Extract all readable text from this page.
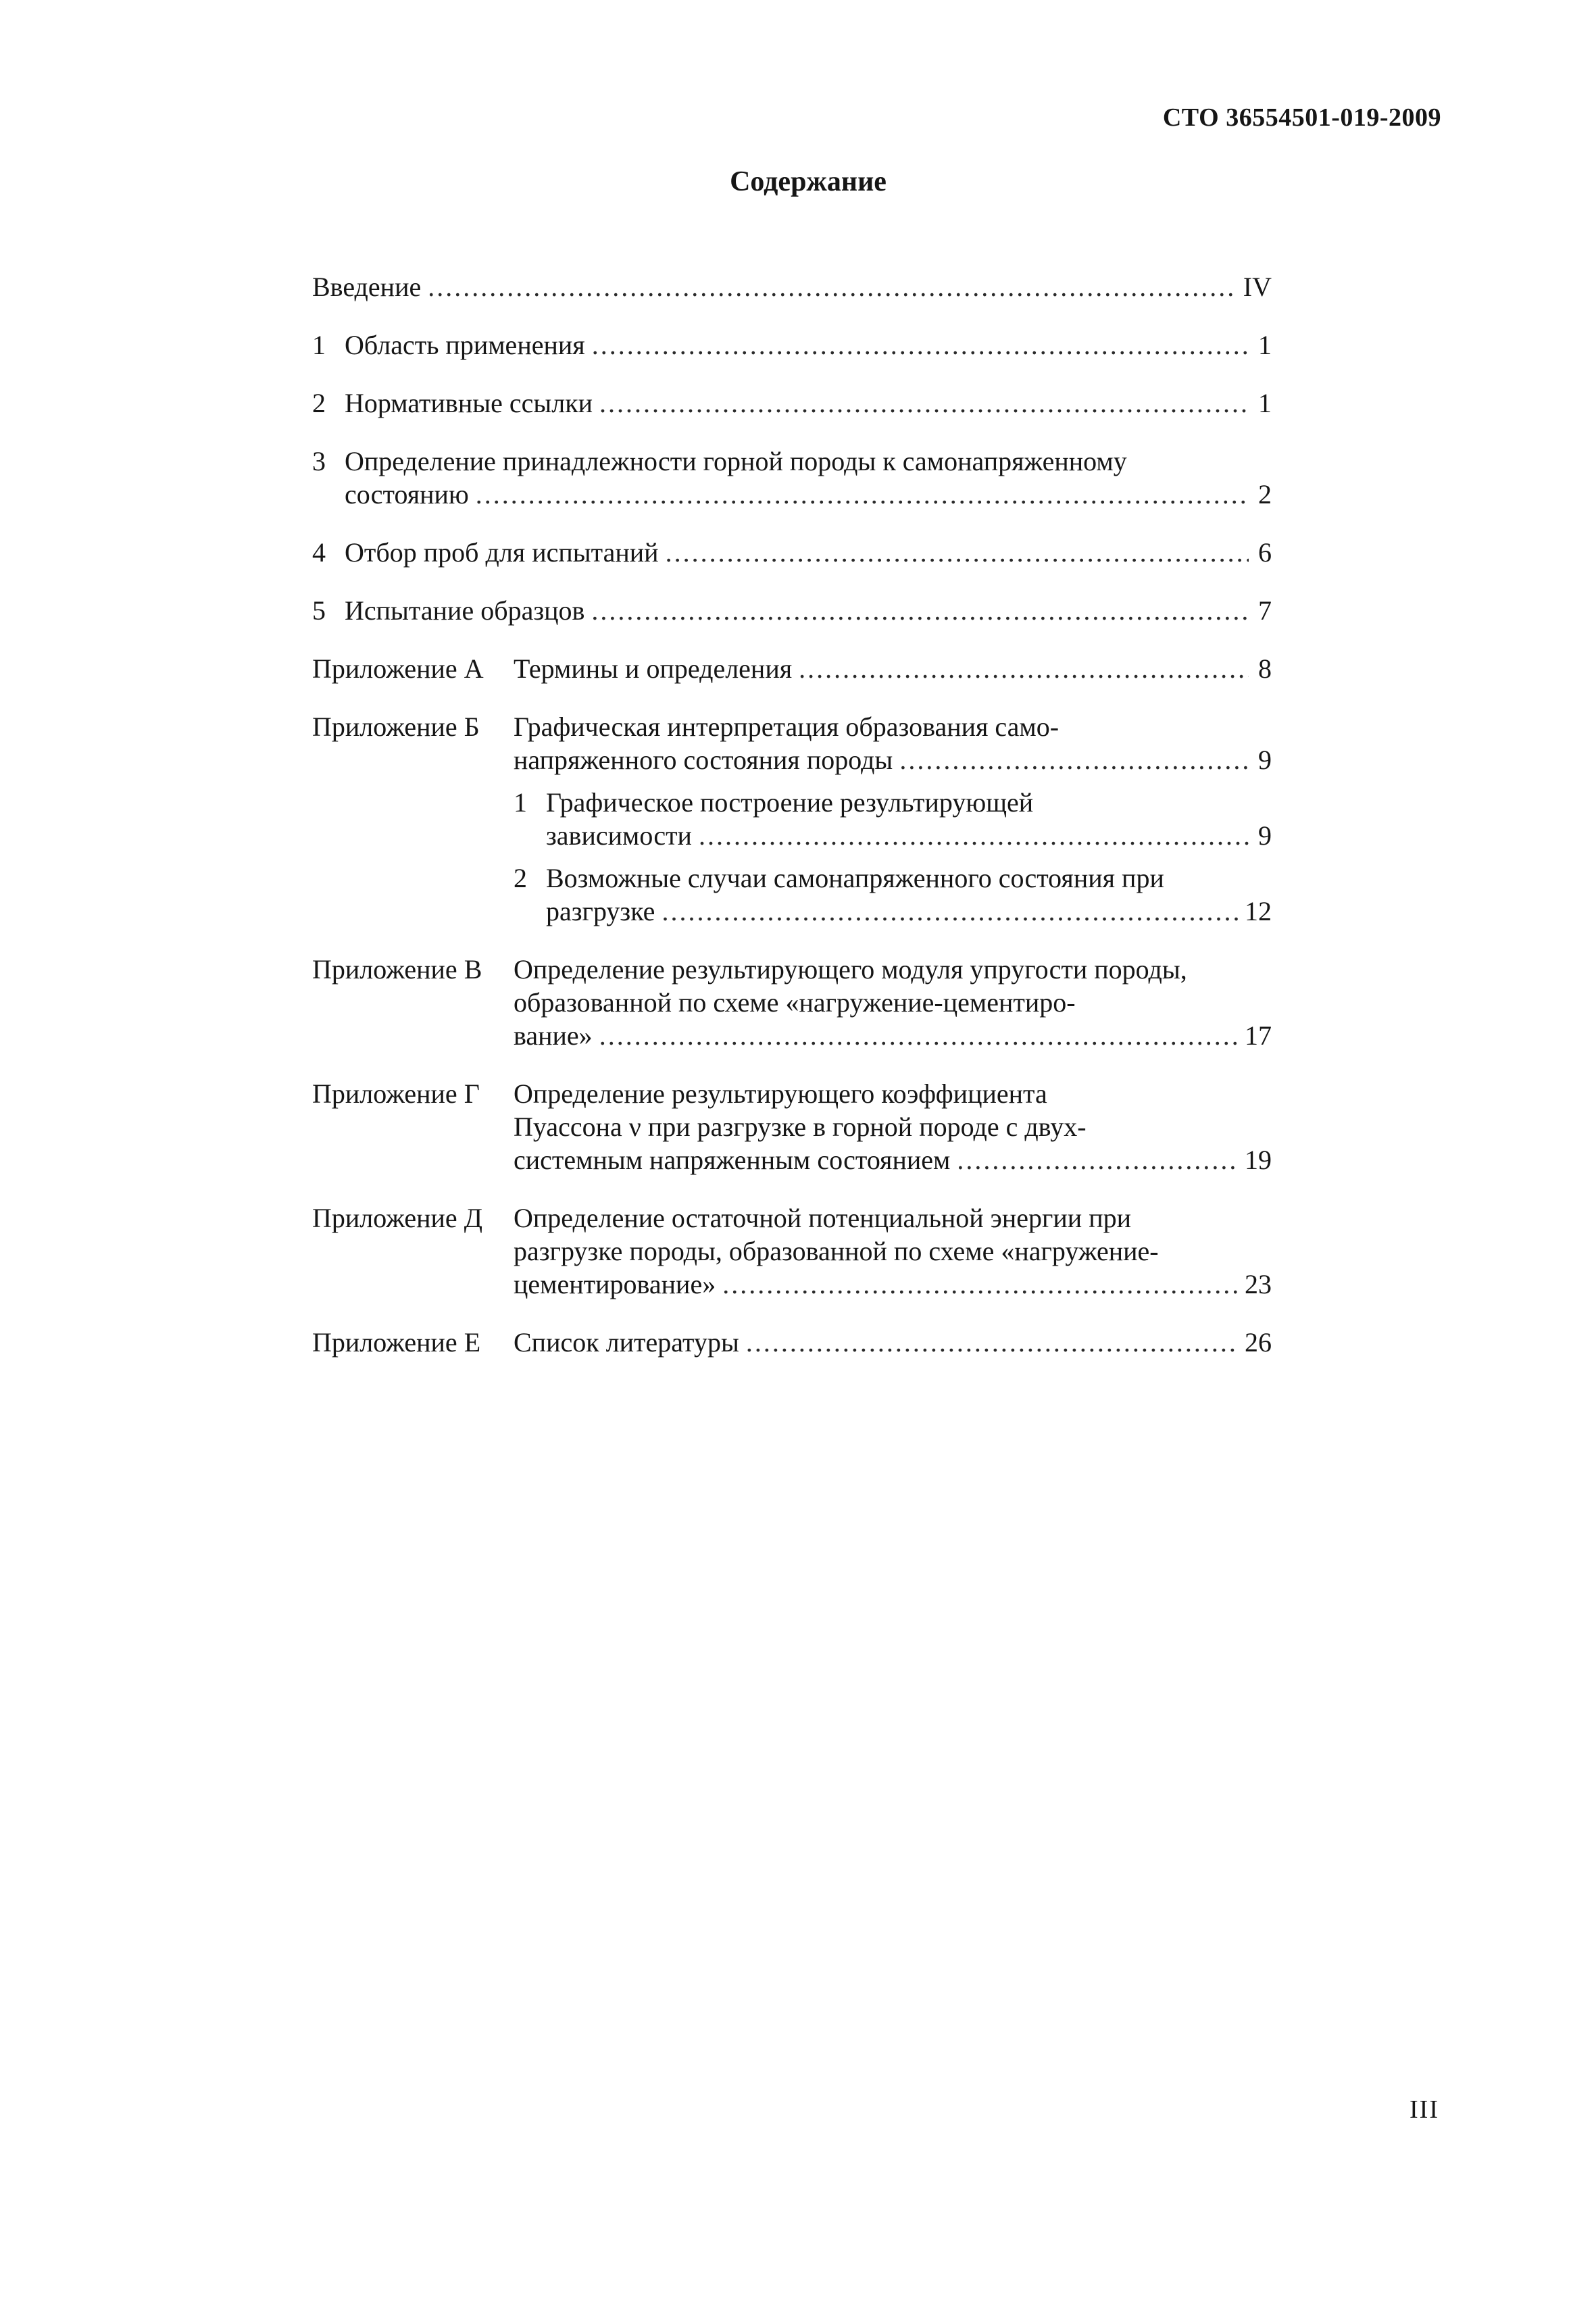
СТО 36554501-019-2009
Содержание
Введение .....	IV
1 Область применения .....	1
2 Нормативные ссылки .....	1
3 Определение принадлежности горной породы к самонапряженному
состоянию .....	2
4 Отбор проб для испытаний .....	6
5 Испытание образцов .....	7
Приложение А	Термины и определения .....	8
Приложение Б	Графическая интерпретация образования само-
напряженного состояния породы .....	9
1 Графическое построение результирующей
зависимости .....	9
2 Возможные случаи самонапряженного состояния при
разгрузке .....	12
Приложение В	Определение результирующего модуля упругости породы,
образованной по схеме «нагружение-цементиро-
вание» .....	17
Приложение Г	Определение результирующего коэффициента
Пуассона ν при разгрузке в горной породе с двух-
системным напряженным состоянием .....	19
Приложение Д	Определение остаточной потенциальной энергии при
разгрузке породы, образованной по схеме «нагружение-
цементирование» .....	23
Приложение Е	Список литературы .....	26
III
